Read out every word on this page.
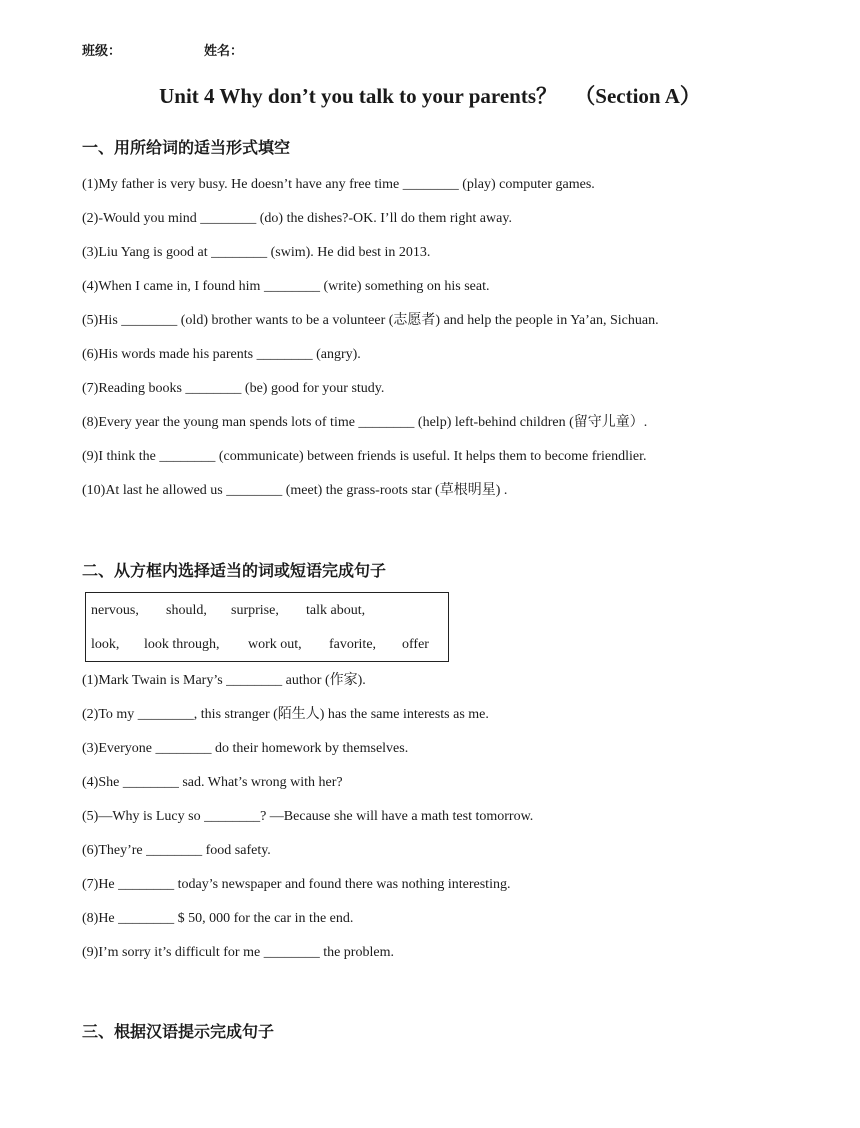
班级：	姓名：
Unit 4 Why don’t you talk to your parents？ （Section A）
一、用所给词的适当形式填空
(1)My father is very busy. He doesn’t have any free time ________ (play) computer games.
(2)-Would you mind ________ (do) the dishes?-OK. I’ll do them right away.
(3)Liu Yang is good at ________ (swim). He did best in 2013.
(4)When I came in, I found him ________ (write) something on his seat.
(5)His ________ (old) brother wants to be a volunteer (志愿者) and help the people in Ya’an, Sichuan.
(6)His words made his parents ________ (angry).
(7)Reading books ________ (be) good for your study.
(8)Every year the young man spends lots of time ________ (help) left-behind children (留守儿童）.
(9)I think the ________ (communicate) between friends is useful. It helps them to become friendlier.
(10)At last he allowed us ________ (meet) the grass-roots star (草根明星) .
二、从方框内选择适当的词或短语完成句子
nervous, should, surprise, talk about,
look, look through, work out, favorite, offer
(1)Mark Twain is Mary’s ________ author (作家).
(2)To my ________, this stranger (陌生人) has the same interests as me.
(3)Everyone ________ do their homework by themselves.
(4)She ________ sad. What’s wrong with her?
(5)—Why is Lucy so ________? —Because she will have a math test tomorrow.
(6)They’re ________ food safety.
(7)He ________ today’s newspaper and found there was nothing interesting.
(8)He ________ $ 50, 000 for the car in the end.
(9)I’m sorry it’s difficult for me ________ the problem.
三、根据汉语提示完成句子
